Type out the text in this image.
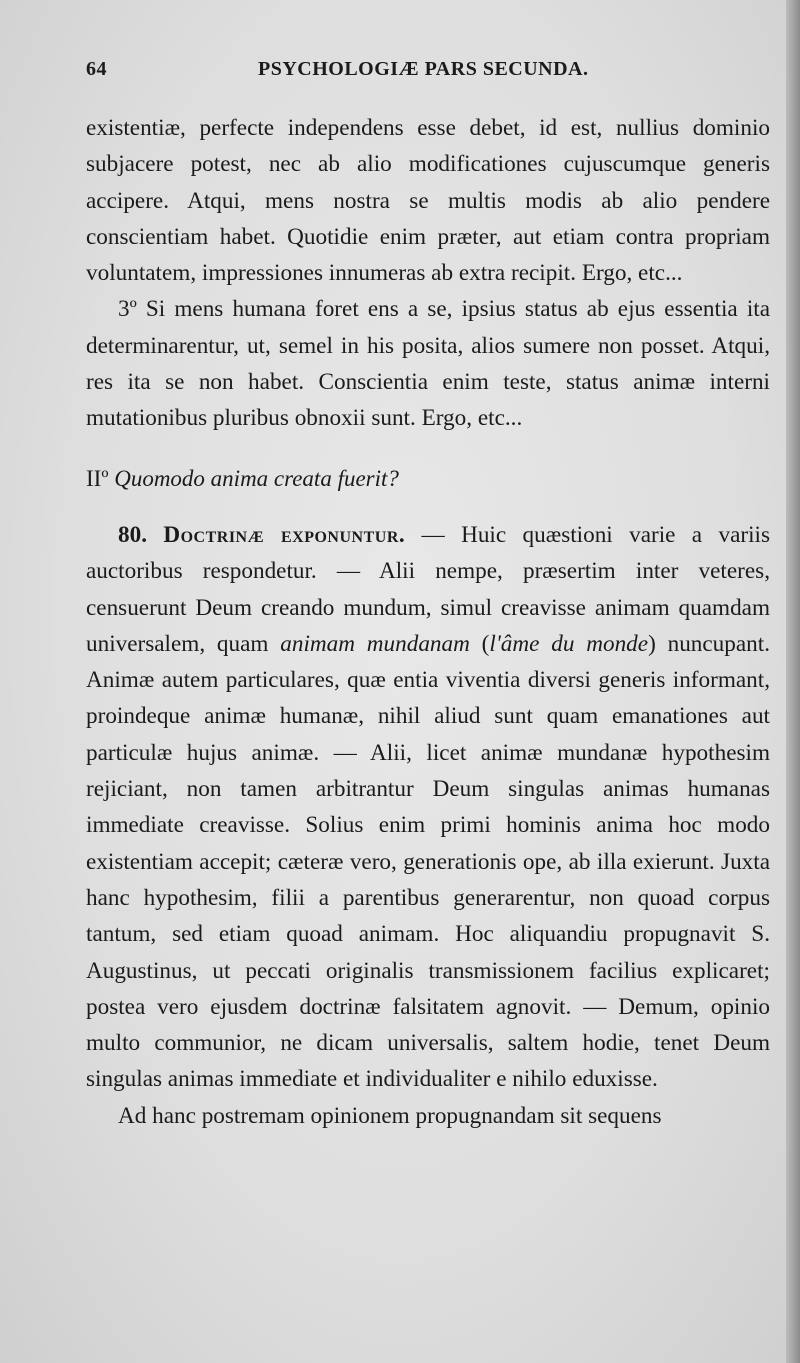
64	PSYCHOLOGIÆ PARS SECUNDA.

existentiæ, perfecte independens esse debet, id est, nullius dominio subjacere potest, nec ab alio modificationes cujuscumque generis accipere. Atqui, mens nostra se multis modis ab alio pendere conscientiam habet. Quotidie enim præter, aut etiam contra propriam voluntatem, impressiones innumeras ab extra recipit. Ergo, etc...

3º Si mens humana foret ens a se, ipsius status ab ejus essentia ita determinarentur, ut, semel in his posita, alios sumere non posset. Atqui, res ita se non habet. Conscientia enim teste, status animæ interni mutationibus pluribus obnoxii sunt. Ergo, etc...

IIº Quomodo anima creata fuerit?

80. Doctrinæ exponuntur. — Huic quæstioni varie a variis auctoribus respondetur. — Alii nempe, præsertim inter veteres, censuerunt Deum creando mundum, simul creavisse animam quamdam universalem, quam animam mundanam (l'âme du monde) nuncupant. Animæ autem particulares, quæ entia viventia diversi generis informant, proindeque animæ humanæ, nihil aliud sunt quam emanationes aut particulæ hujus animæ. — Alii, licet animæ mundanæ hypothesim rejiciant, non tamen arbitrantur Deum singulas animas humanas immediate creavisse. Solius enim primi hominis anima hoc modo existentiam accepit; cæteræ vero, generationis ope, ab illa exierunt. Juxta hanc hypothesim, filii a parentibus generarentur, non quoad corpus tantum, sed etiam quoad animam. Hoc aliquandiu propugnavit S. Augustinus, ut peccati originalis transmissionem facilius explicaret; postea vero ejusdem doctrinæ falsitatem agnovit. — Demum, opinio multo communior, ne dicam universalis, saltem hodie, tenet Deum singulas animas immediate et individualiter e nihilo eduxisse.

Ad hanc postremam opinionem propugnandam sit sequens
